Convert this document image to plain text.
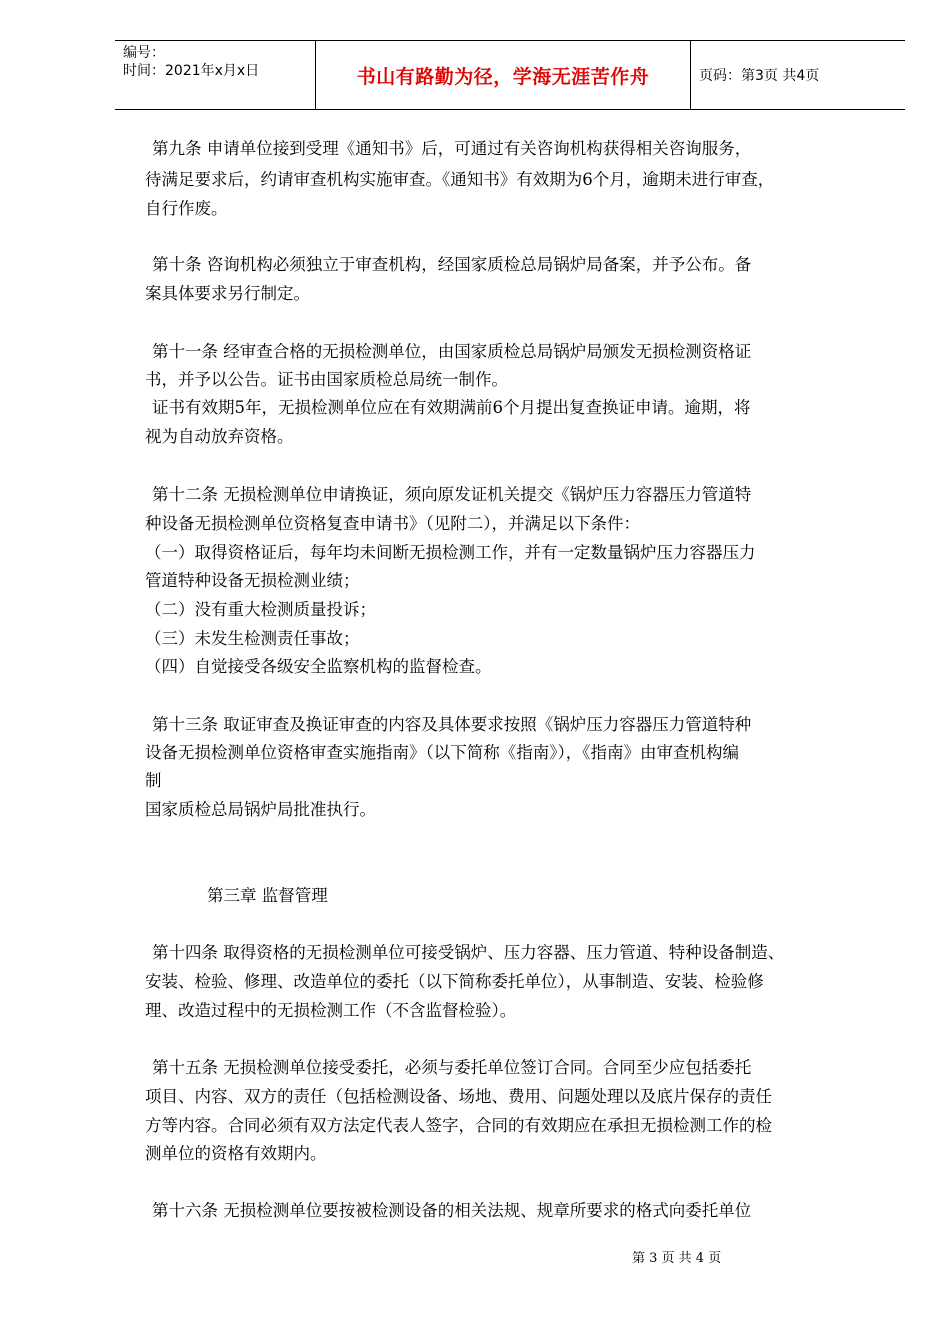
编号：
时间：2021年x月x日	书山有路勤为径，学海无涯苦作舟	页码：第3页 共4页
第九条 申请单位接到受理《通知书》后，可通过有关咨询机构获得相关咨询服务，
待满足要求后，约请审查机构实施审查。《通知书》有效期为6个月，逾期未进行审查，
自行作废。
第十条 咨询机构必须独立于审查机构，经国家质检总局锅炉局备案，并予公布。备
案具体要求另行制定。
第十一条 经审查合格的无损检测单位，由国家质检总局锅炉局颁发无损检测资格证
书，并予以公告。证书由国家质检总局统一制作。
证书有效期5年，无损检测单位应在有效期满前6个月提出复查换证申请。逾期，将
视为自动放弃资格。
第十二条 无损检测单位申请换证，须向原发证机关提交《锅炉压力容器压力管道特
种设备无损检测单位资格复查申请书》（见附二），并满足以下条件：
（一）取得资格证后，每年均未间断无损检测工作，并有一定数量锅炉压力容器压力
管道特种设备无损检测业绩；
（二）没有重大检测质量投诉；
（三）未发生检测责任事故；
（四）自觉接受各级安全监察机构的监督检查。
第十三条 取证审查及换证审查的内容及具体要求按照《锅炉压力容器压力管道特种
设备无损检测单位资格审查实施指南》（以下简称《指南》），《指南》由审查机构编
制
国家质检总局锅炉局批准执行。
第三章 监督管理
第十四条 取得资格的无损检测单位可接受锅炉、压力容器、压力管道、特种设备制造、
安装、检验、修理、改造单位的委托（以下简称委托单位），从事制造、安装、检验修
理、改造过程中的无损检测工作（不含监督检验）。
第十五条 无损检测单位接受委托，必须与委托单位签订合同。合同至少应包括委托
项目、内容、双方的责任（包括检测设备、场地、费用、问题处理以及底片保存的责任
方等内容。合同必须有双方法定代表人签字，合同的有效期应在承担无损检测工作的检
测单位的资格有效期内。
第十六条 无损检测单位要按被检测设备的相关法规、规章所要求的格式向委托单位
第 3 页 共 4 页
